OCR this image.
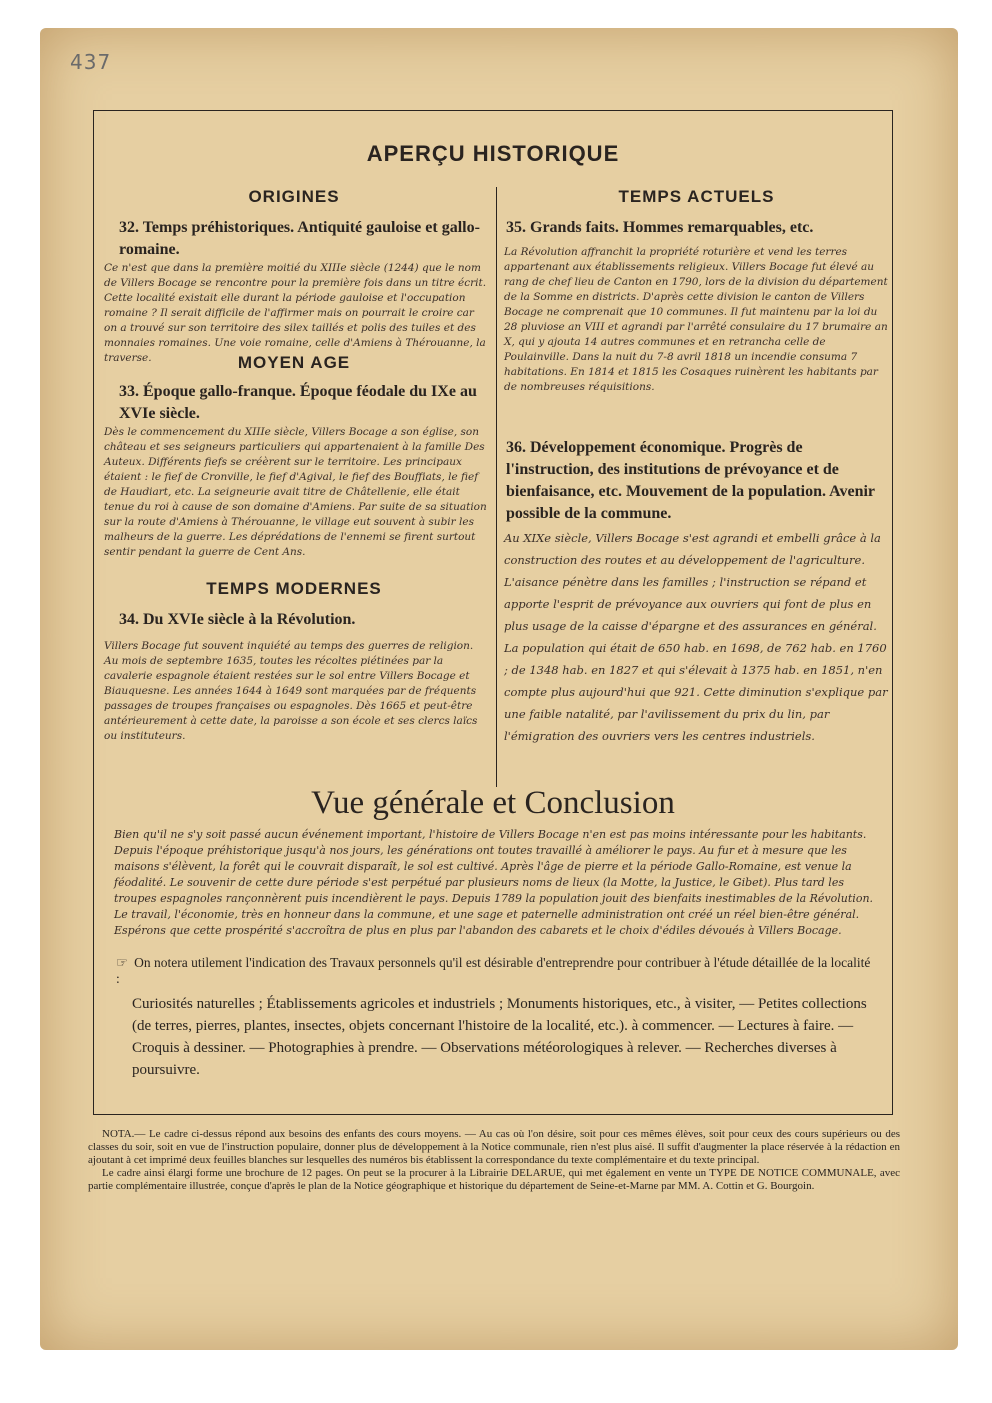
437
APERÇU HISTORIQUE
ORIGINES
32. Temps préhistoriques. Antiquité gauloise et gallo-romaine.
Ce n'est que dans la première moitié du XIIIe siècle (1244) que le nom de Villers Bocage se rencontre pour la première fois dans un titre écrit. Cette localité existait elle durant la période gauloise et l'occupation romaine ? Il serait difficile de l'affirmer mais on pourrait le croire car on a trouvé sur son territoire des silex taillés et polis des tuiles et des monnaies romaines. Une voie romaine, celle d'Amiens à Thérouanne, la traverse.	MOYEN AGE
33. Époque gallo-franque. Époque féodale du IXe au XVIe siècle.
Dès le commencement du XIIIe siècle, Villers Bocage a son église, son château et ses seigneurs particuliers qui appartenaient à la famille Des Auteux. Différents fiefs se créèrent sur le territoire. Les principaux étaient : le fief de Cronville, le fief d'Agival, le fief des Bouffiats, le fief de Haudiart, etc. La seigneurie avait titre de Châtellenie, elle était tenue du roi à cause de son domaine d'Amiens. Par suite de sa situation sur la route d'Amiens à Thérouanne, le village eut souvent à subir les malheurs de la guerre. Les déprédations de l'ennemi se firent surtout sentir pendant la guerre de Cent Ans.
TEMPS MODERNES
34. Du XVIe siècle à la Révolution.
Villers Bocage fut souvent inquiété au temps des guerres de religion. Au mois de septembre 1635, toutes les récoltes piétinées par la cavalerie espagnole étaient restées sur le sol entre Villers Bocage et Biauquesne. Les années 1644 à 1649 sont marquées par de fréquents passages de troupes françaises ou espagnoles. Dès 1665 et peut-être antérieurement à cette date, la paroisse a son école et ses clercs laïcs ou instituteurs.
TEMPS ACTUELS
35. Grands faits. Hommes remarquables, etc.
La Révolution affranchit la propriété roturière et vend les terres appartenant aux établissements religieux. Villers Bocage fut élevé au rang de chef lieu de Canton en 1790, lors de la division du département de la Somme en districts. D'après cette division le canton de Villers Bocage ne comprenait que 10 communes. Il fut maintenu par la loi du 28 pluviose an VIII et agrandi par l'arrêté consulaire du 17 brumaire an X, qui y ajouta 14 autres communes et en retrancha celle de Poulainville. Dans la nuit du 7-8 avril 1818 un incendie consuma 7 habitations. En 1814 et 1815 les Cosaques ruinèrent les habitants par de nombreuses réquisitions.
36. Développement économique. Progrès de l'instruction, des institutions de prévoyance et de bienfaisance, etc. Mouvement de la population. Avenir possible de la commune.
Au XIXe siècle, Villers Bocage s'est agrandi et embelli grâce à la construction des routes et au développement de l'agriculture. L'aisance pénètre dans les familles ; l'instruction se répand et apporte l'esprit de prévoyance aux ouvriers qui font de plus en plus usage de la caisse d'épargne et des assurances en général. La population qui était de 650 hab. en 1698, de 762 hab. en 1760 ; de 1348 hab. en 1827 et qui s'élevait à 1375 hab. en 1851, n'en compte plus aujourd'hui que 921. Cette diminution s'explique par une faible natalité, par l'avilissement du prix du lin, par l'émigration des ouvriers vers les centres industriels.
Vue générale et Conclusion
Bien qu'il ne s'y soit passé aucun événement important, l'histoire de Villers Bocage n'en est pas moins intéressante pour les habitants. Depuis l'époque préhistorique jusqu'à nos jours, les générations ont toutes travaillé à améliorer le pays. Au fur et à mesure que les maisons s'élèvent, la forêt qui le couvrait disparaît, le sol est cultivé. Après l'âge de pierre et la période Gallo-Romaine, est venue la féodalité. Le souvenir de cette dure période s'est perpétué par plusieurs noms de lieux (la Motte, la Justice, le Gibet). Plus tard les troupes espagnoles rançonnèrent puis incendièrent le pays. Depuis 1789 la population jouit des bienfaits inestimables de la Révolution. Le travail, l'économie, très en honneur dans la commune, et une sage et paternelle administration ont créé un réel bien-être général. Espérons que cette prospérité s'accroîtra de plus en plus par l'abandon des cabarets et le choix d'édiles dévoués à Villers Bocage.
☞ On notera utilement l'indication des Travaux personnels qu'il est désirable d'entreprendre pour contribuer à l'étude détaillée de la localité :
Curiosités naturelles ; Établissements agricoles et industriels ; Monuments historiques, etc., à visiter, — Petites collections (de terres, pierres, plantes, insectes, objets concernant l'histoire de la localité, etc.). à commencer. — Lectures à faire. — Croquis à dessiner. — Photographies à prendre. — Observations météorologiques à relever. — Recherches diverses à poursuivre.
NOTA.— Le cadre ci-dessus répond aux besoins des enfants des cours moyens. — Au cas où l'on désire, soit pour ces mêmes élèves, soit pour ceux des cours supérieurs ou des classes du soir, soit en vue de l'instruction populaire, donner plus de développement à la Notice communale, rien n'est plus aisé. Il suffit d'augmenter la place réservée à la rédaction en ajoutant à cet imprimé deux feuilles blanches sur lesquelles des numéros bis établissent la correspondance du texte complémentaire et du texte principal.
Le cadre ainsi élargi forme une brochure de 12 pages. On peut se la procurer à la Librairie DELARUE, qui met également en vente un TYPE DE NOTICE COMMUNALE, avec partie complémentaire illustrée, conçue d'après le plan de la Notice géographique et historique du département de Seine-et-Marne par MM. A. Cottin et G. Bourgoin.
